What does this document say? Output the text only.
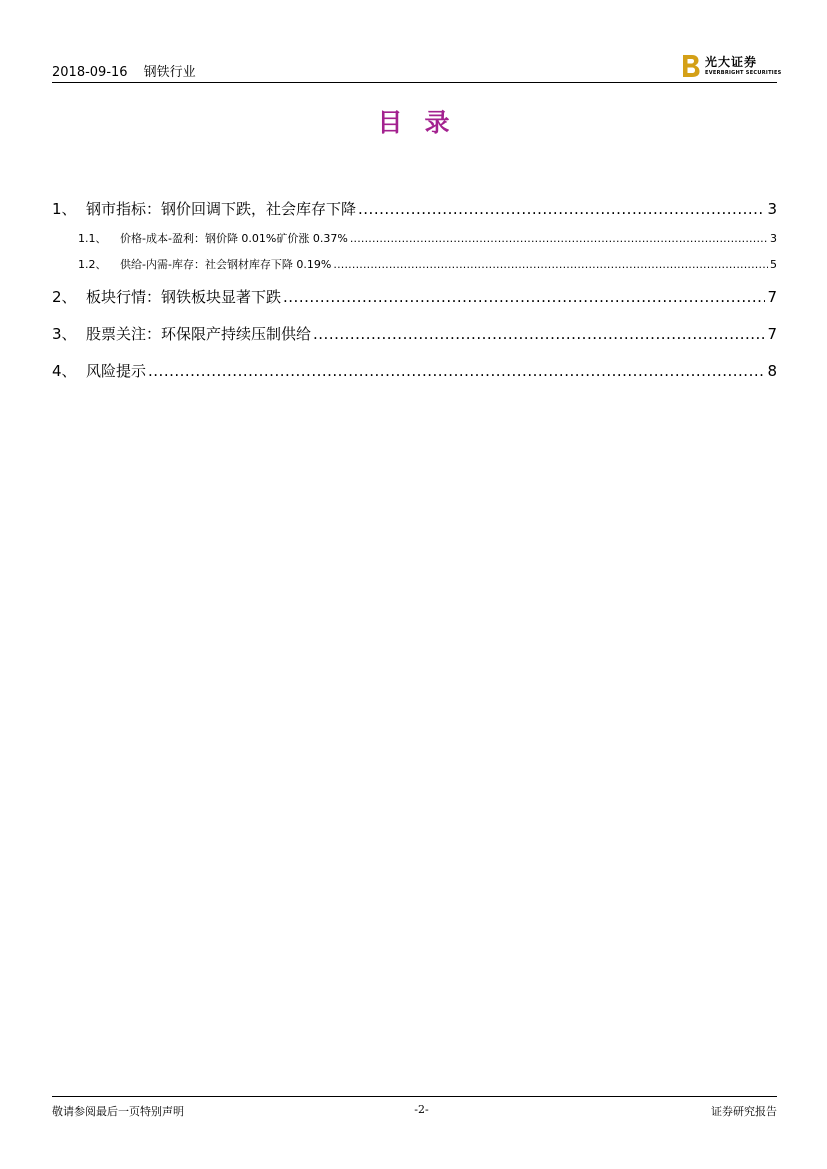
2018-09-16 钢铁行业
光大证券
EVERBRIGHT SECURITIES
目录
1、 钢市指标：钢价回调下跌，社会库存下降 .....	3
1.1、	价格-成本-盈利：钢价降 0.01%矿价涨 0.37% .....	3
1.2、	供给-内需-库存：社会钢材库存下降 0.19% .....	5
2、 板块行情：钢铁板块显著下跌 .....	7
3、 股票关注：环保限产持续压制供给 .....	7
4、 风险提示 .....	8
敬请参阅最后一页特别声明	-2-	证券研究报告
